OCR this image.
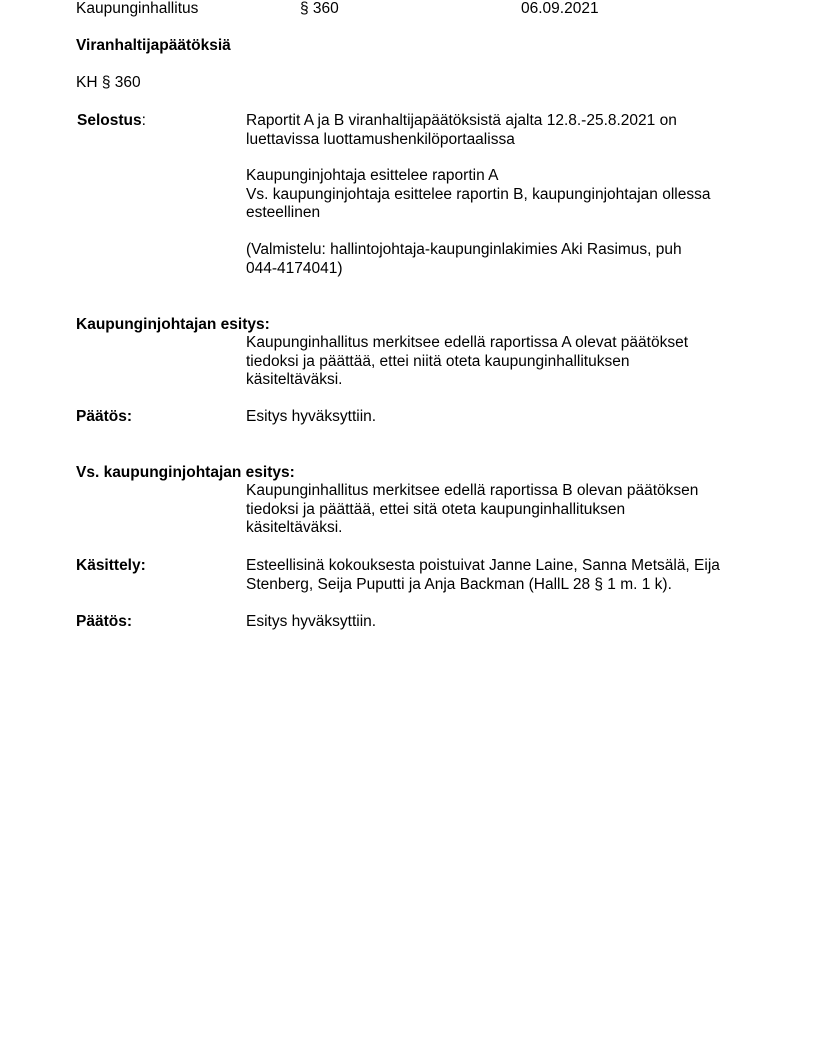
Kaupunginhallitus	§ 360	06.09.2021
Viranhaltijapäätöksiä
KH § 360
Selostus:	Raportit A ja B viranhaltijapäätöksistä ajalta 12.8.-25.8.2021 on
luettavissa luottamushenkilöportaalissa
Kaupunginjohtaja esittelee raportin A
Vs. kaupunginjohtaja esittelee raportin B, kaupunginjohtajan ollessa
esteellinen
(Valmistelu: hallintojohtaja-kaupunginlakimies Aki Rasimus, puh
044-4174041)
Kaupunginjohtajan esitys:
Kaupunginhallitus merkitsee edellä raportissa A olevat päätökset
tiedoksi ja päättää, ettei niitä oteta kaupunginhallituksen
käsiteltäväksi.
Päätös:	Esitys hyväksyttiin.
Vs. kaupunginjohtajan esitys:
Kaupunginhallitus merkitsee edellä raportissa B olevan päätöksen
tiedoksi ja päättää, ettei sitä oteta kaupunginhallituksen
käsiteltäväksi.
Käsittely:	Esteellisinä kokouksesta poistuivat Janne Laine, Sanna Metsälä, Eija
Stenberg, Seija Puputti ja Anja Backman (HallL 28 § 1 m. 1 k).
Päätös:	Esitys hyväksyttiin.
